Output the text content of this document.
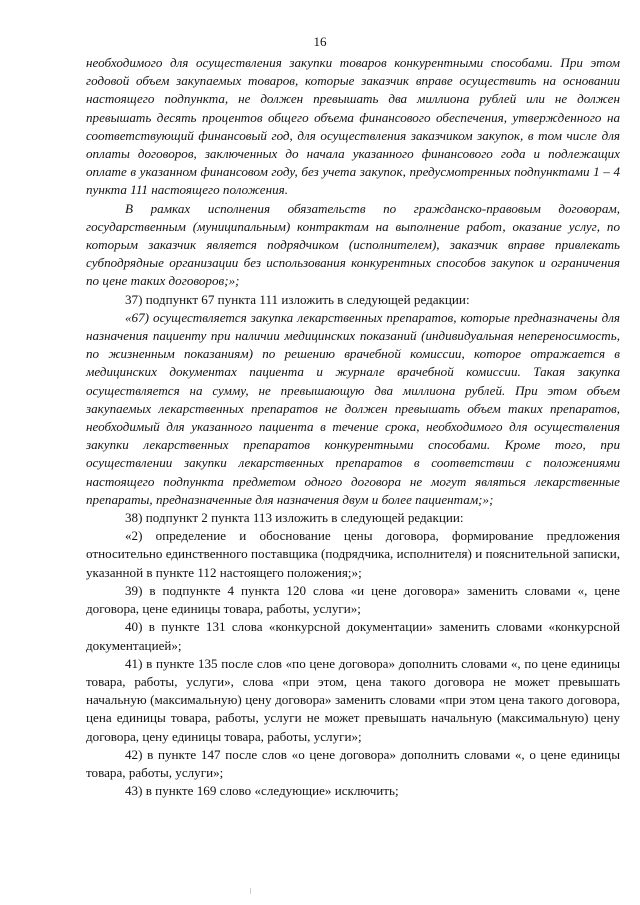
16

необходимого для осуществления закупки товаров конкурентными способами. При этом годовой объем закупаемых товаров, которые заказчик вправе осуществить на основании настоящего подпункта, не должен превышать два миллиона рублей или не должен превышать десять процентов общего объема финансового обеспечения, утвержденного на соответствующий финансовый год, для осуществления заказчиком закупок, в том числе для оплаты договоров, заключенных до начала указанного финансового года и подлежащих оплате в указанном финансовом году, без учета закупок, предусмотренных подпунктами 1 – 4 пункта 111 настоящего положения.

В рамках исполнения обязательств по гражданско-правовым договорам, государственным (муниципальным) контрактам на выполнение работ, оказание услуг, по которым заказчик является подрядчиком (исполнителем), заказчик вправе привлекать субподрядные организации без использования конкурентных способов закупок и ограничения по цене таких договоров;»;

37) подпункт 67 пункта 111 изложить в следующей редакции:

«67) осуществляется закупка лекарственных препаратов, которые предназначены для назначения пациенту при наличии медицинских показаний (индивидуальная непереносимость, по жизненным показаниям) по решению врачебной комиссии, которое отражается в медицинских документах пациента и журнале врачебной комиссии. Такая закупка осуществляется на сумму, не превышающую два миллиона рублей. При этом объем закупаемых лекарственных препаратов не должен превышать объем таких препаратов, необходимый для указанного пациента в течение срока, необходимого для осуществления закупки лекарственных препаратов конкурентными способами. Кроме того, при осуществлении закупки лекарственных препаратов в соответствии с положениями настоящего подпункта предметом одного договора не могут являться лекарственные препараты, предназначенные для назначения двум и более пациентам;»;

38) подпункт 2 пункта 113 изложить в следующей редакции:

«2) определение и обоснование цены договора, формирование предложения относительно единственного поставщика (подрядчика, исполнителя) и пояснительной записки, указанной в пункте 112 настоящего положения;»;

39) в подпункте 4 пункта 120 слова «и цене договора» заменить словами «, цене договора, цене единицы товара, работы, услуги»;

40) в пункте 131 слова «конкурсной документации» заменить словами «конкурсной документацией»;

41) в пункте 135 после слов «по цене договора» дополнить словами «, по цене единицы товара, работы, услуги», слова «при этом, цена такого договора не может превышать начальную (максимальную) цену договора» заменить словами «при этом цена такого договора, цена единицы товара, работы, услуги не может превышать начальную (максимальную) цену договора, цену единицы товара, работы, услуги»;

42) в пункте 147 после слов «о цене договора» дополнить словами «, о цене единицы товара, работы, услуги»;

43) в пункте 169 слово «следующие» исключить;
